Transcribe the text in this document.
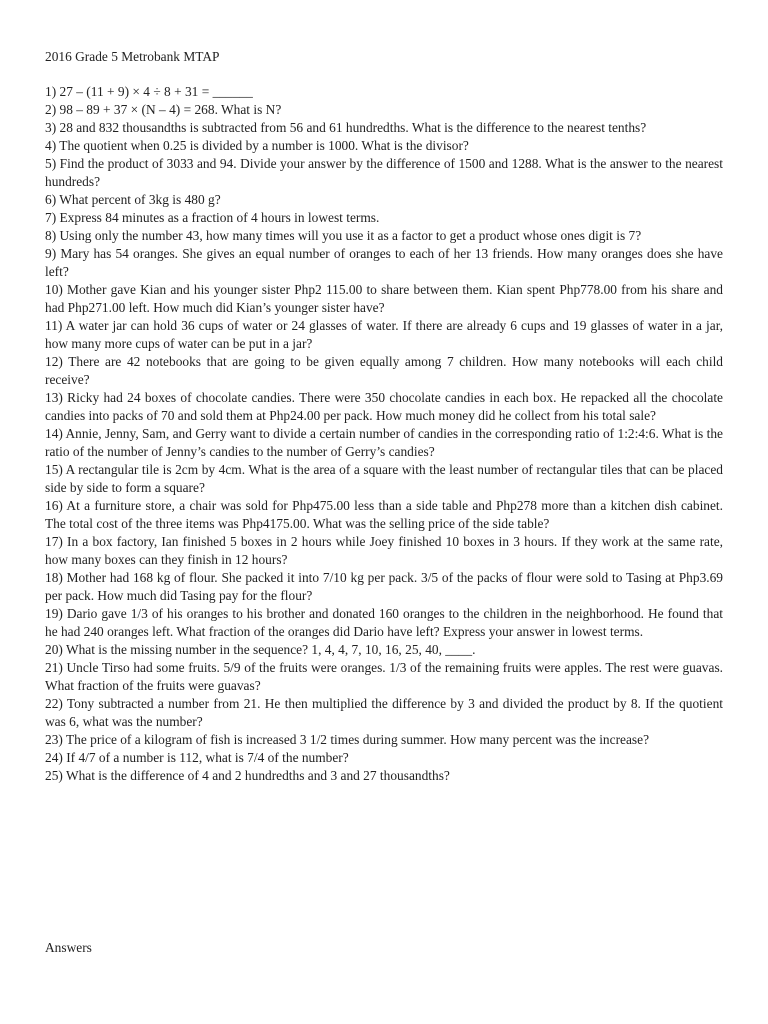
2016 Grade 5 Metrobank MTAP
1) 27 – (11 + 9) × 4 ÷ 8 + 31 = ______
2) 98 – 89 + 37 × (N – 4) = 268. What is N?
3) 28 and 832 thousandths is subtracted from 56 and 61 hundredths. What is the difference to the nearest tenths?
4) The quotient when 0.25 is divided by a number is 1000. What is the divisor?
5) Find the product of 3033 and 94. Divide your answer by the difference of 1500 and 1288. What is the answer to the nearest hundreds?
6) What percent of 3kg is 480 g?
7) Express 84 minutes as a fraction of 4 hours in lowest terms.
8) Using only the number 43, how many times will you use it as a factor to get a product whose ones digit is 7?
9) Mary has 54 oranges. She gives an equal number of oranges to each of her 13 friends. How many oranges does she have left?
10) Mother gave Kian and his younger sister Php2 115.00 to share between them. Kian spent Php778.00 from his share and had Php271.00 left. How much did Kian’s younger sister have?
11) A water jar can hold 36 cups of water or 24 glasses of water. If there are already 6 cups and 19 glasses of water in a jar, how many more cups of water can be put in a jar?
12) There are 42 notebooks that are going to be given equally among 7 children. How many notebooks will each child receive?
13) Ricky had 24 boxes of chocolate candies. There were 350 chocolate candies in each box. He repacked all the chocolate candies into packs of 70 and sold them at Php24.00 per pack. How much money did he collect from his total sale?
14) Annie, Jenny, Sam, and Gerry want to divide a certain number of candies in the corresponding ratio of 1:2:4:6. What is the ratio of the number of Jenny’s candies to the number of Gerry’s candies?
15) A rectangular tile is 2cm by 4cm. What is the area of a square with the least number of rectangular tiles that can be placed side by side to form a square?
16) At a furniture store, a chair was sold for Php475.00 less than a side table and Php278 more than a kitchen dish cabinet. The total cost of the three items was Php4175.00. What was the selling price of the side table?
17) In a box factory, Ian finished 5 boxes in 2 hours while Joey finished 10 boxes in 3 hours. If they work at the same rate, how many boxes can they finish in 12 hours?
18) Mother had 168 kg of flour. She packed it into 7/10 kg per pack. 3/5 of the packs of flour were sold to Tasing at Php3.69 per pack. How much did Tasing pay for the flour?
19) Dario gave 1/3 of his oranges to his brother and donated 160 oranges to the children in the neighborhood. He found that he had 240 oranges left. What fraction of the oranges did Dario have left? Express your answer in lowest terms.
20) What is the missing number in the sequence? 1, 4, 4, 7, 10, 16, 25, 40, ____.
21) Uncle Tirso had some fruits. 5/9 of the fruits were oranges. 1/3 of the remaining fruits were apples. The rest were guavas. What fraction of the fruits were guavas?
22) Tony subtracted a number from 21. He then multiplied the difference by 3 and divided the product by 8. If the quotient was 6, what was the number?
23) The price of a kilogram of fish is increased 3 1/2 times during summer. How many percent was the increase?
24) If 4/7 of a number is 112, what is 7/4 of the number?
25) What is the difference of 4 and 2 hundredths and 3 and 27 thousandths?
Answers
